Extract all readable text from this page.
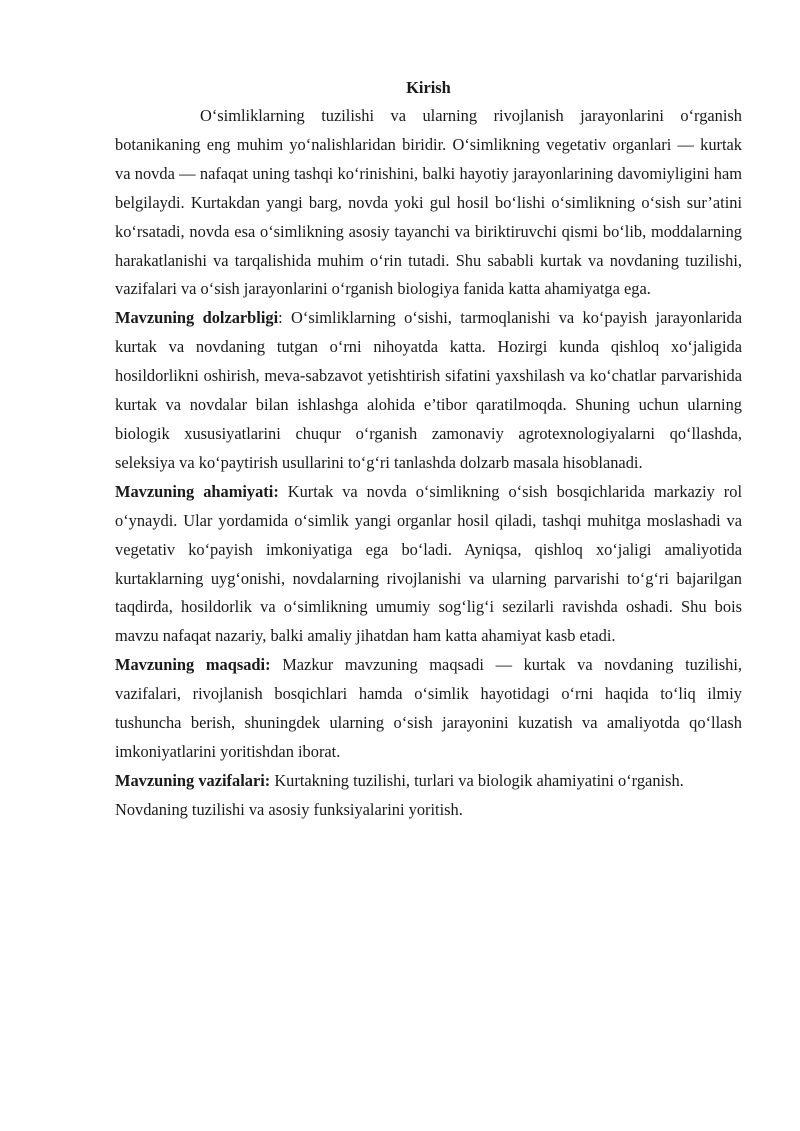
Kirish

O‘simliklarning tuzilishi va ularning rivojlanish jarayonlarini o‘rganish botanikaning eng muhim yo‘nalishlaridan biridir. O‘simlikning vegetativ organlari — kurtak va novda — nafaqat uning tashqi ko‘rinishini, balki hayotiy jarayonlarining davomiyligini ham belgilaydi. Kurtakdan yangi barg, novda yoki gul hosil bo‘lishi o‘simlikning o‘sish sur’atini ko‘rsatadi, novda esa o‘simlikning asosiy tayanchi va biriktiruvchi qismi bo‘lib, moddalarning harakatlanishi va tarqalishida muhim o‘rin tutadi. Shu sababli kurtak va novdaning tuzilishi, vazifalari va o‘sish jarayonlarini o‘rganish biologiya fanida katta ahamiyatga ega.

Mavzuning dolzarbligi: O‘simliklarning o‘sishi, tarmoqlanishi va ko‘payish jarayonlarida kurtak va novdaning tutgan o‘rni nihoyatda katta. Hozirgi kunda qishloq xo‘jaligida hosildorlikni oshirish, meva-sabzavot yetishtirish sifatini yaxshilash va ko‘chatlar parvarishida kurtak va novdalar bilan ishlashga alohida e’tibor qaratilmoqda. Shuning uchun ularning biologik xususiyatlarini chuqur o‘rganish zamonaviy agrotexnologiyalarni qo‘llashda, seleksiya va ko‘paytirish usullarini to‘g‘ri tanlashda dolzarb masala hisoblanadi.

Mavzuning ahamiyati: Kurtak va novda o‘simlikning o‘sish bosqichlarida markaziy rol o‘ynaydi. Ular yordamida o‘simlik yangi organlar hosil qiladi, tashqi muhitga moslashadi va vegetativ ko‘payish imkoniyatiga ega bo‘ladi. Ayniqsa, qishloq xo‘jaligi amaliyotida kurtaklarning uyg‘onishi, novdalarning rivojlanishi va ularning parvarishi to‘g‘ri bajarilgan taqdirda, hosildorlik va o‘simlikning umumiy sog‘lig‘i sezilarli ravishda oshadi. Shu bois mavzu nafaqat nazariy, balki amaliy jihatdan ham katta ahamiyat kasb etadi.

Mavzuning maqsadi: Mazkur mavzuning maqsadi — kurtak va novdaning tuzilishi, vazifalari, rivojlanish bosqichlari hamda o‘simlik hayotidagi o‘rni haqida to‘liq ilmiy tushuncha berish, shuningdek ularning o‘sish jarayonini kuzatish va amaliyotda qo‘llash imkoniyatlarini yoritishdan iborat.

Mavzuning vazifalari: Kurtakning tuzilishi, turlari va biologik ahamiyatini o‘rganish.

Novdaning tuzilishi va asosiy funksiyalarini yoritish.
